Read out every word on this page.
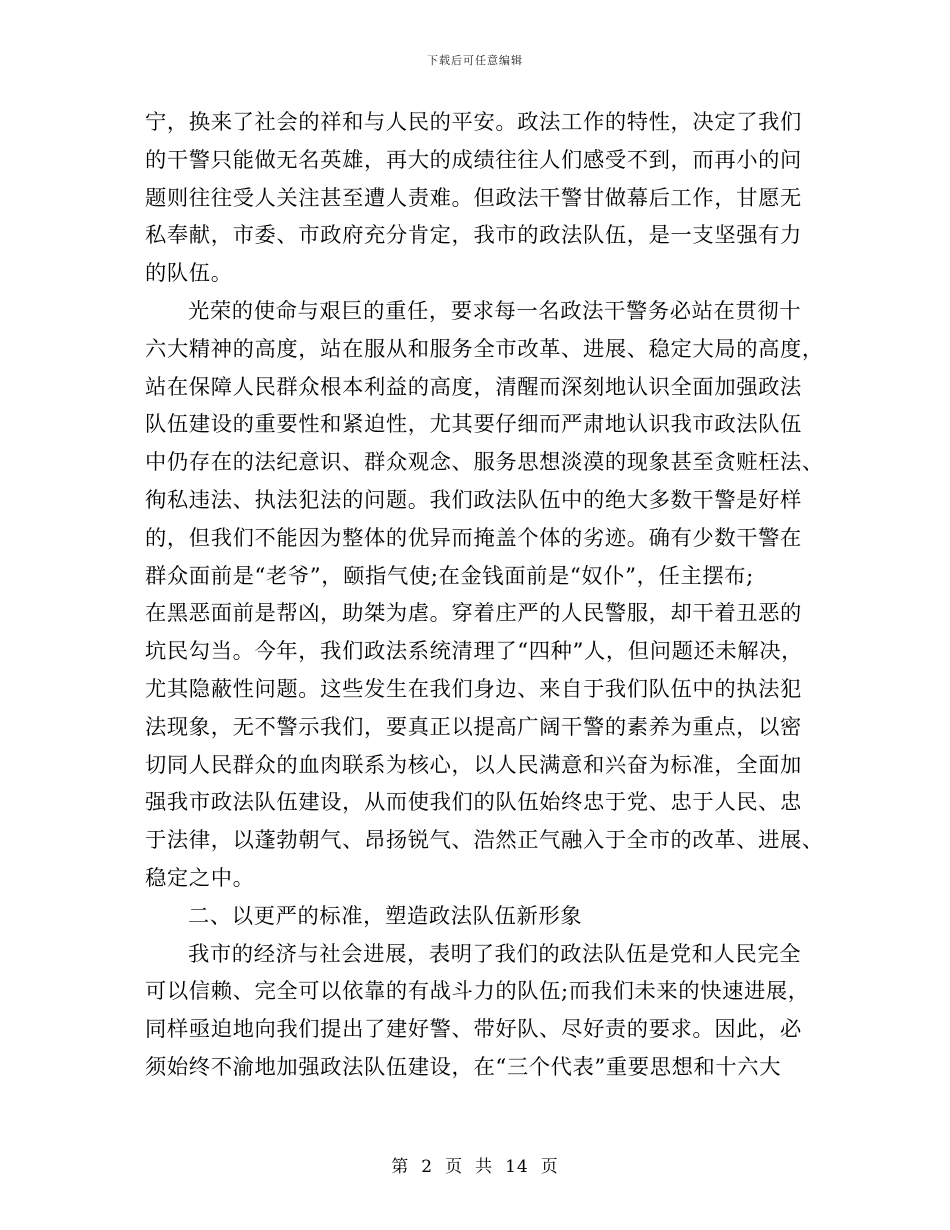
下载后可任意编辑
宁，换来了社会的祥和与人民的平安。政法工作的特性，决定了我们
的干警只能做无名英雄，再大的成绩往往人们感受不到，而再小的问
题则往往受人关注甚至遭人责难。但政法干警甘做幕后工作，甘愿无
私奉献，市委、市政府充分肯定，我市的政法队伍，是一支坚强有力
的队伍。
光荣的使命与艰巨的重任，要求每一名政法干警务必站在贯彻十
六大精神的高度，站在服从和服务全市改革、进展、稳定大局的高度，
站在保障人民群众根本利益的高度，清醒而深刻地认识全面加强政法
队伍建设的重要性和紧迫性，尤其要仔细而严肃地认识我市政法队伍
中仍存在的法纪意识、群众观念、服务思想淡漠的现象甚至贪赃枉法、
徇私违法、执法犯法的问题。我们政法队伍中的绝大多数干警是好样
的，但我们不能因为整体的优异而掩盖个体的劣迹。确有少数干警在
群众面前是“老爷”，颐指气使;在金钱面前是“奴仆”，任主摆布;
在黑恶面前是帮凶，助桀为虐。穿着庄严的人民警服，却干着丑恶的
坑民勾当。今年，我们政法系统清理了“四种”人，但问题还未解决，
尤其隐蔽性问题。这些发生在我们身边、来自于我们队伍中的执法犯
法现象，无不警示我们，要真正以提高广阔干警的素养为重点，以密
切同人民群众的血肉联系为核心，以人民满意和兴奋为标准，全面加
强我市政法队伍建设，从而使我们的队伍始终忠于党、忠于人民、忠
于法律，以蓬勃朝气、昂扬锐气、浩然正气融入于全市的改革、进展、
稳定之中。
二、以更严的标准，塑造政法队伍新形象
我市的经济与社会进展，表明了我们的政法队伍是党和人民完全
可以信赖、完全可以依靠的有战斗力的队伍;而我们未来的快速进展，
同样亟迫地向我们提出了建好警、带好队、尽好责的要求。因此，必
须始终不渝地加强政法队伍建设，在“三个代表”重要思想和十六大
第 2 页 共 14 页
